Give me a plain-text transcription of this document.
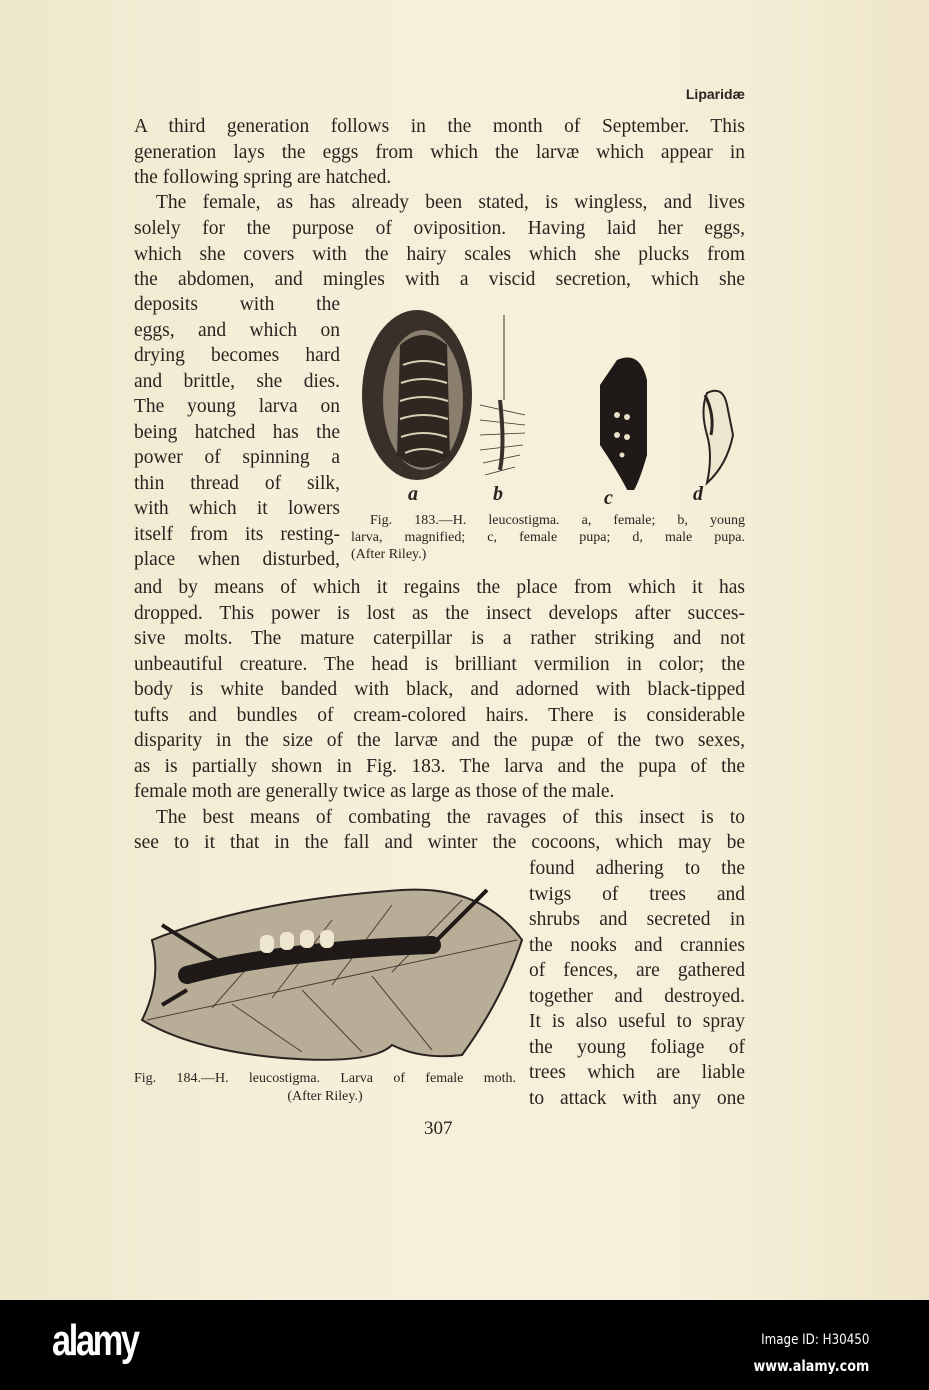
Liparidæ
A third generation follows in the month of September. This
generation lays the eggs from which the larvæ which appear in
the following spring are hatched.
The female, as has already been stated, is wingless, and lives
solely for the purpose of oviposition. Having laid her eggs,
which she covers with the hairy scales which she plucks from
the abdomen, and mingles with a viscid secretion, which she
deposits with the
eggs, and which on
drying becomes hard
and brittle, she dies.
The young larva on
being hatched has the
power of spinning a
thin thread of silk,
with which it lowers
itself from its resting-
place when disturbed,
and by means of which it regains the place from which it has
dropped. This power is lost as the insect develops after succes-
sive molts. The mature caterpillar is a rather striking and not
unbeautiful creature. The head is brilliant vermilion in color; the
body is white banded with black, and adorned with black-tipped
tufts and bundles of cream-colored hairs. There is considerable
disparity in the size of the larvæ and the pupæ of the two sexes,
as is partially shown in Fig. 183. The larva and the pupa of the
female moth are generally twice as large as those of the male.
The best means of combating the ravages of this insect is to
see to it that in the fall and winter the cocoons, which may be
found adhering to the
twigs of trees and
shrubs and secreted in
the nooks and crannies
of fences, are gathered
together and destroyed.
It is also useful to spray
the young foliage of
trees which are liable
to attack with any one
a	b	c	d
Fig. 183.—H. leucostigma. a, female; b, young
larva, magnified; c, female pupa; d, male pupa.
(After Riley.)
Fig. 184.—H. leucostigma. Larva of female moth.
(After Riley.)
307
alamy	Image ID: H30450
www.alamy.com
